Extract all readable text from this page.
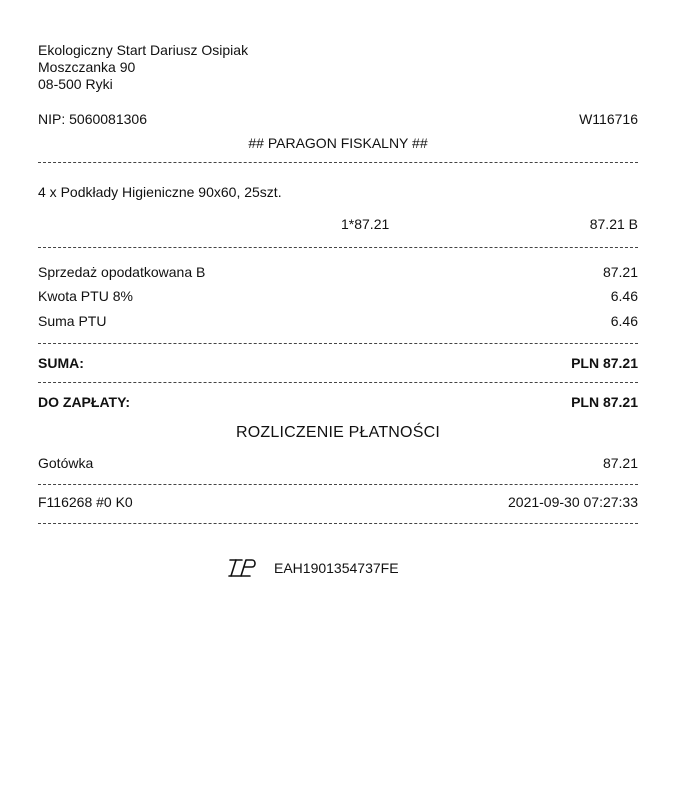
Ekologiczny Start Dariusz Osipiak
Moszczanka 90
08-500 Ryki
NIP: 5060081306	W116716
## PARAGON FISKALNY ##
4 x Podkłady Higieniczne 90x60, 25szt.
1*87.21	87.21 B
Sprzedaż opodatkowana B	87.21
Kwota PTU 8%	6.46
Suma PTU	6.46
SUMA:	PLN 87.21
DO ZAPŁATY:	PLN 87.21
ROZLICZENIE PŁATNOŚCI
Gotówka	87.21
F116268 #0 K0	2021-09-30 07:27:33
EAH1901354737FE
